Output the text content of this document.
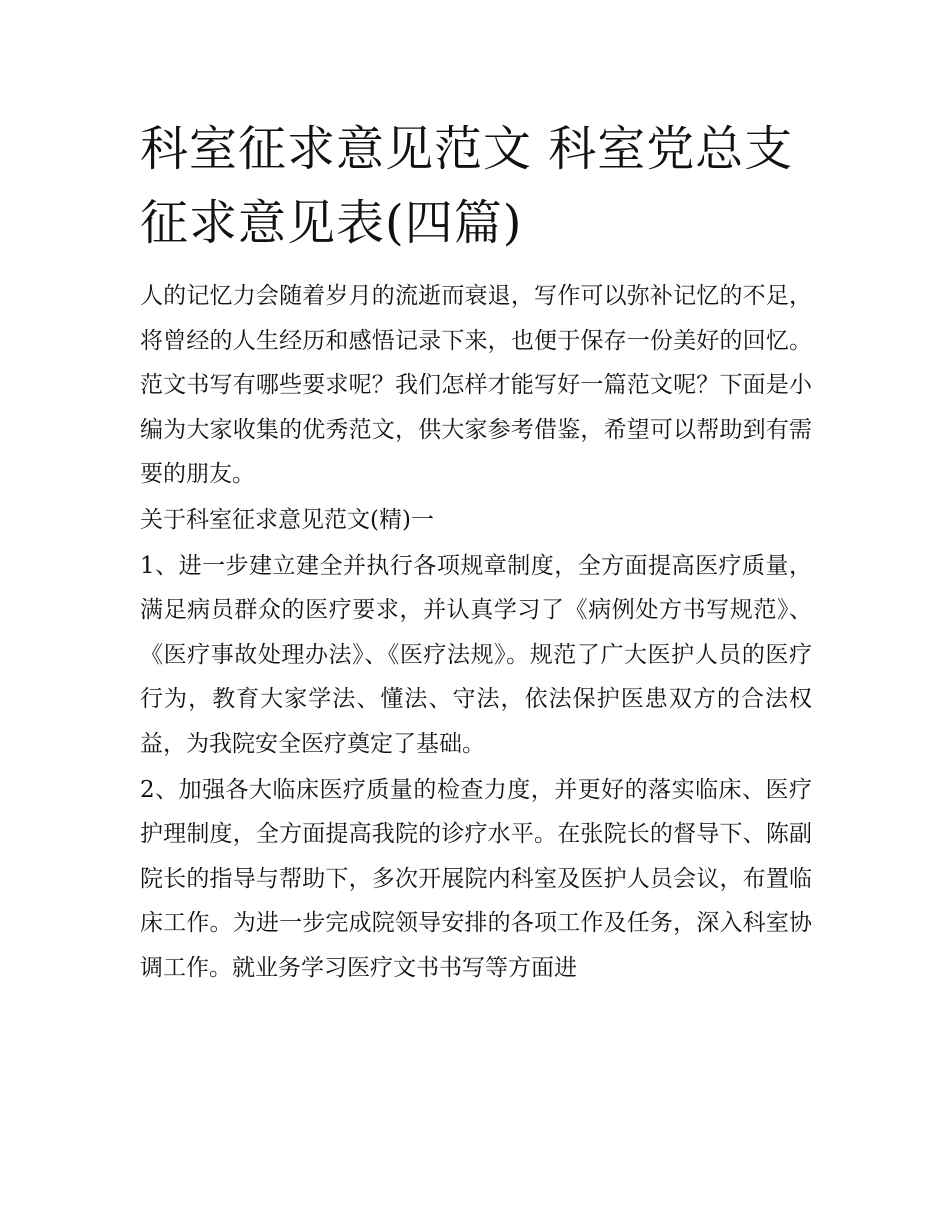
科室征求意见范文 科室党总支征求意见表(四篇)

人的记忆力会随着岁月的流逝而衰退，写作可以弥补记忆的不足，将曾经的人生经历和感悟记录下来，也便于保存一份美好的回忆。范文书写有哪些要求呢？我们怎样才能写好一篇范文呢？下面是小编为大家收集的优秀范文，供大家参考借鉴，希望可以帮助到有需要的朋友。

关于科室征求意见范文(精)一

1、进一步建立建全并执行各项规章制度，全方面提高医疗质量，满足病员群众的医疗要求，并认真学习了《病例处方书写规范》、《医疗事故处理办法》、《医疗法规》。规范了广大医护人员的医疗行为，教育大家学法、懂法、守法，依法保护医患双方的合法权益，为我院安全医疗奠定了基础。

2、加强各大临床医疗质量的检查力度，并更好的落实临床、医疗护理制度，全方面提高我院的诊疗水平。在张院长的督导下、陈副院长的指导与帮助下，多次开展院内科室及医护人员会议，布置临床工作。为进一步完成院领导安排的各项工作及任务，深入科室协调工作。就业务学习医疗文书书写等方面进
